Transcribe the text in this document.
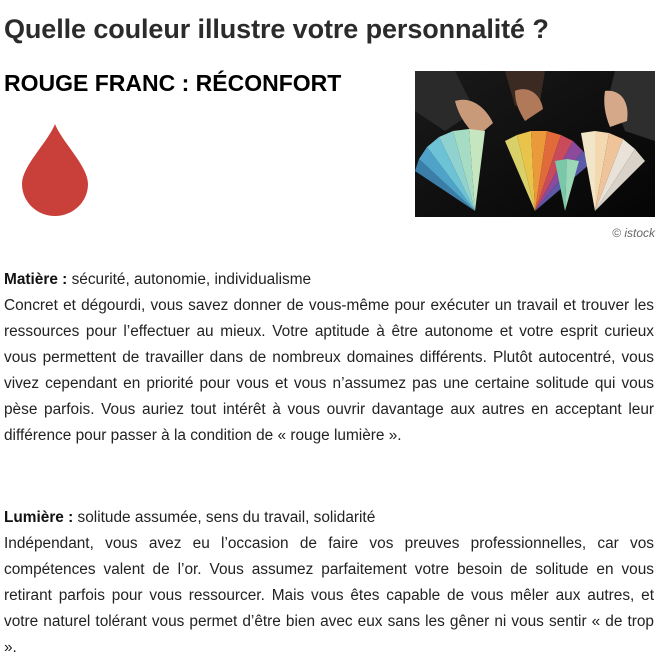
Quelle couleur illustre votre personnalité ?
ROUGE FRANC : RÉCONFORT
© istock

Matière : sécurité, autonomie, individualisme
Concret et dégourdi, vous savez donner de vous-même pour exécuter un travail et trouver les ressources pour l’effectuer au mieux. Votre aptitude à être autonome et votre esprit curieux vous permettent de travailler dans de nombreux domaines différents. Plutôt autocentré, vous vivez cependant en priorité pour vous et vous n’assumez pas une certaine solitude qui vous pèse parfois. Vous auriez tout intérêt à vous ouvrir davantage aux autres en acceptant leur différence pour passer à la condition de « rouge lumière ».

Lumière : solitude assumée, sens du travail, solidarité
Indépendant, vous avez eu l’occasion de faire vos preuves professionnelles, car vos compétences valent de l’or. Vous assumez parfaitement votre besoin de solitude en vous retirant parfois pour vous ressourcer. Mais vous êtes capable de vous mêler aux autres, et votre naturel tolérant vous permet d’être bien avec eux sans les gêner ni vous sentir « de trop ».
